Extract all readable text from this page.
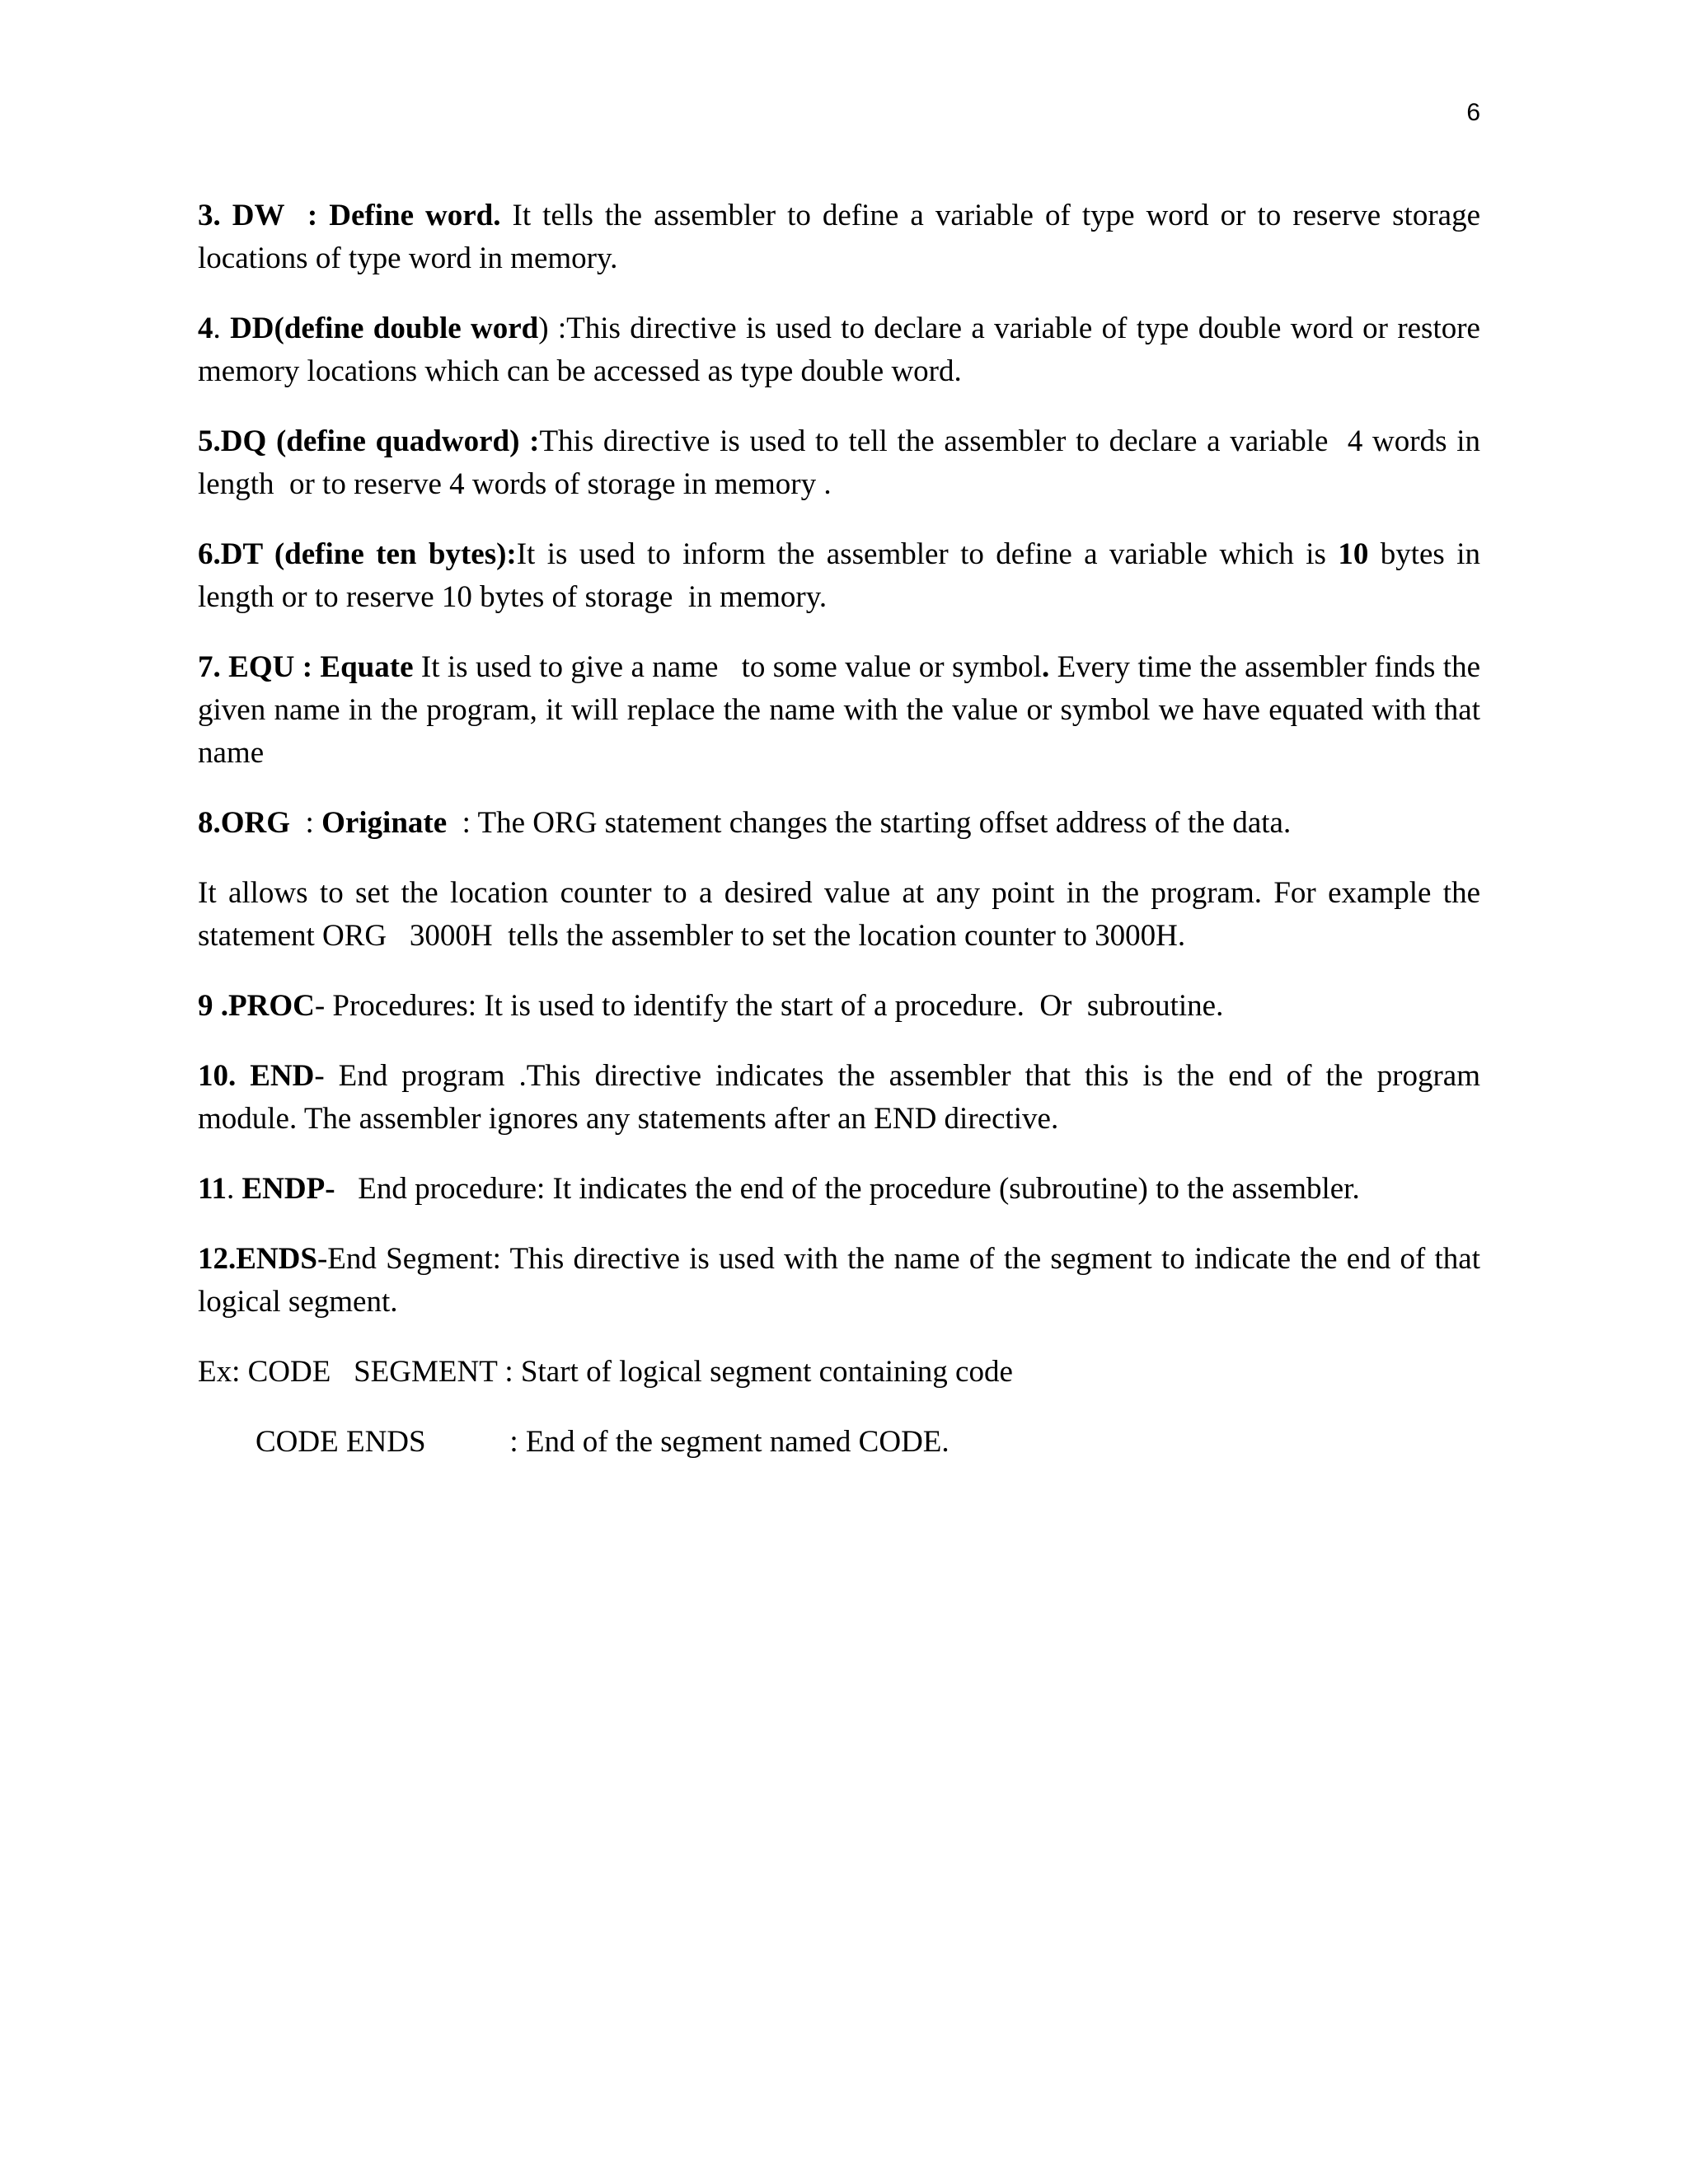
6

3. DW  : Define word. It tells the assembler to define a variable of type word or to reserve storage locations of type word in memory.

4. DD(define double word) :This directive is used to declare a variable of type double word or restore memory locations which can be accessed as type double word.

5.DQ (define quadword) :This directive is used to tell the assembler to declare a variable  4 words in length  or to reserve 4 words of storage in memory .

6.DT (define ten bytes):It is used to inform the assembler to define a variable which is 10 bytes in length or to reserve 10 bytes of storage  in memory.

7. EQU : Equate It is used to give a name   to some value or symbol. Every time the assembler finds the given name in the program, it will replace the name with the value or symbol we have equated with that name

8.ORG  : Originate  : The ORG statement changes the starting offset address of the data.

It allows to set the location counter to a desired value at any point in the program. For example the statement ORG   3000H  tells the assembler to set the location counter to 3000H.

9 .PROC- Procedures: It is used to identify the start of a procedure.  Or  subroutine.

10. END- End program .This directive indicates the assembler that this is the end of the program module. The assembler ignores any statements after an END directive.

11. ENDP-   End procedure: It indicates the end of the procedure (subroutine) to the assembler.

12.ENDS-End Segment: This directive is used with the name of the segment to indicate the end of that logical segment.

Ex: CODE   SEGMENT : Start of logical segment containing code
CODE ENDS           : End of the segment named CODE.
